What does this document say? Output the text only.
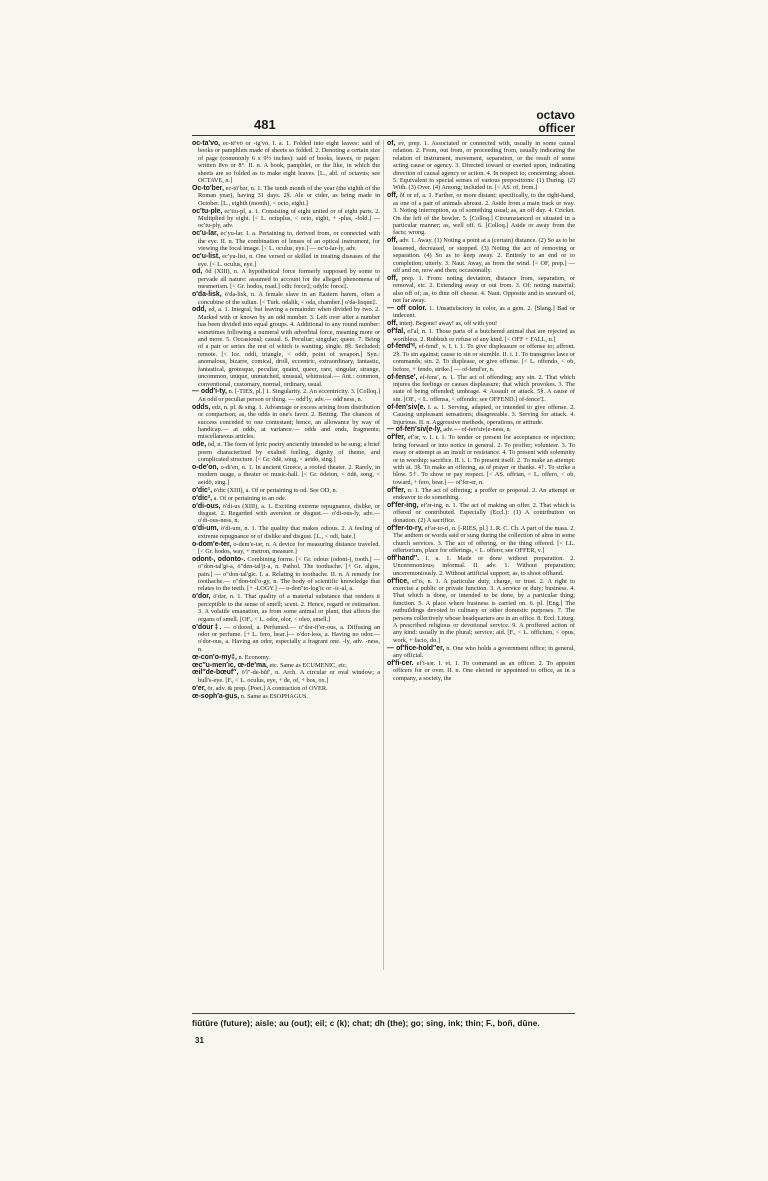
481
octavo
officer

oc-ta′vo, ec-tē′vō or -tg′vō. I. a. 1. Folded into eight leaves: said of books or pamphlets made of sheets so folded. 2. Denoting a certain size of page (commonly 6 x 9½ inches): said of books, leaves, or pages: written 8vo or 8°. II. n. A book, pamphlet, or the like, in which the sheets are so folded as to make eight leaves. [L., abl. of octavus; see OCTAVE, n.]

Oc-to′ber, ec-tō′bər, n. 1. The tenth month of the year (the eighth of the Roman year), having 31 days. 2§. Ale or cider, as being made in October. [L., eighth (month), < octo, eight.]

oc′tu-ple, ec′tiu-pl, a. 1. Consisting of eight united or of eight parts. 2. Multiplied by eight. [< L. octuplus, < octo, eight, + -plus, -fold.] — oc′tu-ply, adv.

oc′u-lar, ec′yu-lar. I. a. Pertaining to, derived from, or connected with the eye. II. n. The combination of lenses of an optical instrument, for viewing the focal image. [< L. oculus, eye.] — oc′u-lar-ly, adv.

oc′u-list, ec′yu-list, n. One versed or skilled in treating diseases of the eye. [< L. oculus, eye.]

od, ŏd (XIII), n. A hypothetical force formerly supposed by some to pervade all nature: assumed to account for the alleged phenomena of mesmerism. [< Gr. hodos, road.] odic force‡; odylic force‡.

o′da-lisk, ō′da-lisk, n. A female slave in an Eastern harem, often a concubine of the sultan. [< Turk. odalik, < oda, chamber.] o′da-lisque‡.

odd, ed, a. 1. Integral, but leaving a remainder when divided by two. 2. Marked with or known by an odd number. 3. Left over after a number has been divided into equal groups. 4. Additional to any round number: sometimes following a numeral with adverbial force, meaning more or and more. 5. Occasional; casual. 6. Peculiar; singular; queer. 7. Being of a pair or series the rest of which is wanting; single. 8§. Secluded; remote. [< Ice. oddi, triangle, < oddr, point of weapon.] Syn.: anomalous, bizarre, comical, droll, eccentric, extraordinary, fantastic, fantastical, grotesque, peculiar, quaint, queer, rare, singular, strange, uncommon, unique, unmatched, unusual, whimsical.— Ant.: common, conventional, customary, normal, ordinary, usual.

— odd′i-ty, n. [-TIES, pl.] 1. Singularity. 2. An eccentricity. 3. [Colloq.] An odd or peculiar person or thing. — odd′ly, adv.— odd′ness, n.

odds, edz, n. pl. & sing. 1. Advantage or excess arising from distribution or comparison; as, the odds in one's favor. 2. Betting. The chances of success conceded to one contestant; hence, an allowance by way of handicap.— at odds, at variance.— odds and ends, fragments; miscellaneous articles.

ode, ōd, n. The form of lyric poetry anciently intended to be sung; a brief poem characterized by exalted feeling, dignity of theme, and complicated structure. [< Gr. ōdē, song, < aeidō, sing.]

o-de′on, o-di′en, n. 1. In ancient Greece, a roofed theater. 2. Rarely, in modern usage, a theater or music-hall. [< Gr. ōdeion, < ōdē, song, < aeidō, sing.]

o′dic¹, ō′dic (XIII), a. Of or pertaining to od. See OD, n.

o′dic², a. Of or pertaining to an ode.

o′di-ous, ō′di-us (XIII), a. 1. Exciting extreme repugnance, dislike, or disgust. 2. Regarded with aversion or disgust.— o′di-ous-ly, adv.— o′di-ous-ness, n.

o′di-um, ō′di-um, n. 1. The quality that makes odious. 2. A feeling of extreme repugnance or of dislike and disgust. [L., < odi, hate.]

o-dom′e-ter, o-dem′e-tər, n. A device for measuring distance traveled. [< Gr. hodos, way, + metron, measure.]

odont-, odonto-. Combining forms. [< Gr. odous (odont-), tooth.] — o″don-tal′gi-a, ō″den-tal′ji-a, n. Pathol. The toothache. [+ Gr. algos, pain.] — o″don-tal′gic. I. a. Relating to toothache. II. n. A remedy for toothache.— o″don-tol′o-gy, n. The body of scientific knowledge that relates to the teeth. [+ -LOGY.] — o-don″to-log′ic or -ic-al, a.

o′dor, ō′dər, n. 1. That quality of a material substance that renders it perceptible to the sense of smell; scent. 2. Hence, regard or estimation. 3. A volatile emanation, as from some animal or plant, that affects the organs of smell. [OF., < L. odor, olor, < oleo, smell.]

o′dour‡. — o′dored, a. Perfumed.— o″dor-if′er-ous, a. Diffusing an odor or perfume. [+ L. fero, bear.]— o′dor-less, a. Having no odor.— o′dor-ous, a. Having an odor, especially a fragrant one. -ly, adv. -ness, n.

œ-con′o-my‡, n. Economy.

œc″u-men′ic, œ-de′ma, etc. Same as ECUMENIC, etc.

œil″de-bœuf″, ö′l″-de-bŭf′, n. Arch. A circular or oval window; a bull's-eye. [F., < L. oculus, eye, + de, of, + bos, ox.]

o′er, ōr, adv. & prep. [Poet.] A contraction of OVER.

œ-soph′a-gus, n. Same as ESOPHAGUS.

of, ev, prep. 1. Associated or connected with, usually in some causal relation. 2. From, out from, or proceeding from, usually indicating the relation of instrument, movement, separation, or the result of some acting cause or agency. 3. Directed toward or exerted upon, indicating direction of causal agency or action. 4. In respect to; concerning; about. 5. Equivalent to special senses of various prepositions: (1) During. (2) With. (3) Over. (4) Among; included in. [< AS. of, from.]

off, ŏf or ef, a. 1. Farther, or more distant; specifically, to the right-hand, as one of a pair of animals abreast. 2. Aside from a main track or way. 3. Noting interruption, as of something usual; as, an off day. 4. Cricket. On the left of the bowler. 5. [Colloq.] Circumstanced or situated in a particular manner; as, well off. 6. [Colloq.] Aside or away from the facts; wrong.

off, adv. 1. Away. (1) Noting a point at a (certain) distance. (2) So as to be lessened, decreased, or stopped. (3) Noting the act of removing or separation. (4) So as to keep away. 2. Entirely to an end or to completion; utterly. 3. Naut. Away, as from the wind. [< OF, prep.] — off and on, now and then; occasionally.

off, prep. 1. From: noting deviation, distance from, separation, or removal, etc. 2. Extending away or out from. 3. Of: noting material; also off of; as, to dine off cheese. 4. Naut. Opposite and to seaward of, not far away.

— off color. 1. Unsatisfactory in color, as a gem. 2. [Slang.] Bad or indecent.

off, interj. Begone! away! as, off with you!

of′fal, ef′al, n. 1. Those parts of a butchered animal that are rejected as worthless. 2. Rubbish or refuse of any kind. [< OFF + FALL, n.]

of-fend′ᵈ, ef-fend′, v. I. t. 1. To give displeasure or offense to; affront. 2§. To sin against; cause to sin or stumble. II. i. 1. To transgress laws or commands; sin. 2. To displease, or give offense. [< L. offendo, < ob, before, + fendo, strike.] — of-fend′er, n.

of-fense′, ef-fens′, n. 1. The act of offending; any sin. 2. That which injures the feelings or causes displeasure; that which provokes. 3. The state of being offended; umbrage. 4. Assault or attack. 5§. A cause of sin. [OF., < L. offensa, < offendo; see OFFEND.] of-fence′‡.

of-fen′siv(e. I. a. 1. Serving, adapted, or intended to give offense. 2. Causing unpleasant sensations; disagreeable. 3. Serving for attack. 4. Injurious. II. n. Aggressive methods, operations, or attitude.

— of-fen′siv(e-ly, adv.— of-fen′siv(e-ness, n.

of′fer, ef′ər, v. I. t. 1. To tender or present for acceptance or rejection; bring forward or into notice in general. 2. To proffer; volunteer. 3. To essay or attempt as an insult or resistance. 4. To present with solemnity or in worship; sacrifice. II. i. 1. To present itself. 2. To make an attempt: with at. 3§. To make an offering, as of prayer or thanks. 4†. To strike a blow. 5†. To show or pay respect. [< AS. offrian, < L. offero, < ob, toward, + fero, bear.] — of′fer-er, n.

of′fer, n. 1. The act of offering; a proffer or proposal. 2. An attempt or endeavor to do something.

of′fer-ing, ef′ər-ing, n. 1. The act of making an offer. 2. That which is offered or contributed. Especially (Eccl.): (1) A contribution on donation. (2) A sacrifice.

of′fer-to-ry, ef′ər-to-ri, n. [-RIES, pl.] 1. R. C. Ch. A part of the mass. 2. The anthem or words said or sung during the collection of alms in some church services. 3. The act of offering, or the thing offered. [< LL. offertorium, place for offerings, < L. offero; see OFFER, v.]

off′hand″. I. a. 1. Made or done without preparation. 2. Unceremonious; informal. II. adv. 1. Without preparation; unceremoniously. 2. Without artificial support; as, to shoot offhand.

of′fice, ef′is, n. 1. A particular duty, charge, or trust. 2. A right to exercise a public or private function. 3. A service or duty; business. 4. That which is done, or intended to be done, by a particular thing; function. 5. A place where business is carried on. 6. pl. [Eng.] The outbuildings devoted to culinary or other domestic purposes. 7. The persons collectively whose headquarters are in an office. 8. Eccl. Liturg. A prescribed religious or devotional service. 9. A proffered action of any kind: usually in the plural; service; aid. [F., < L. officium, < opus, work, + facio, do.]

— of′fice-hold″er, n. One who holds a government office; in general, any official.

of′fi-cer. ef′i-sər. I. vt. 1. To command as an officer. 2. To appoint officers for or over. II. n. One elected or appointed to office, as in a company, a society, the

fiūtūre (future); aisle; au (out); eil; c (k); chat; dh (the); go; sing, ink; thin; F., boñ, dūne.
31
